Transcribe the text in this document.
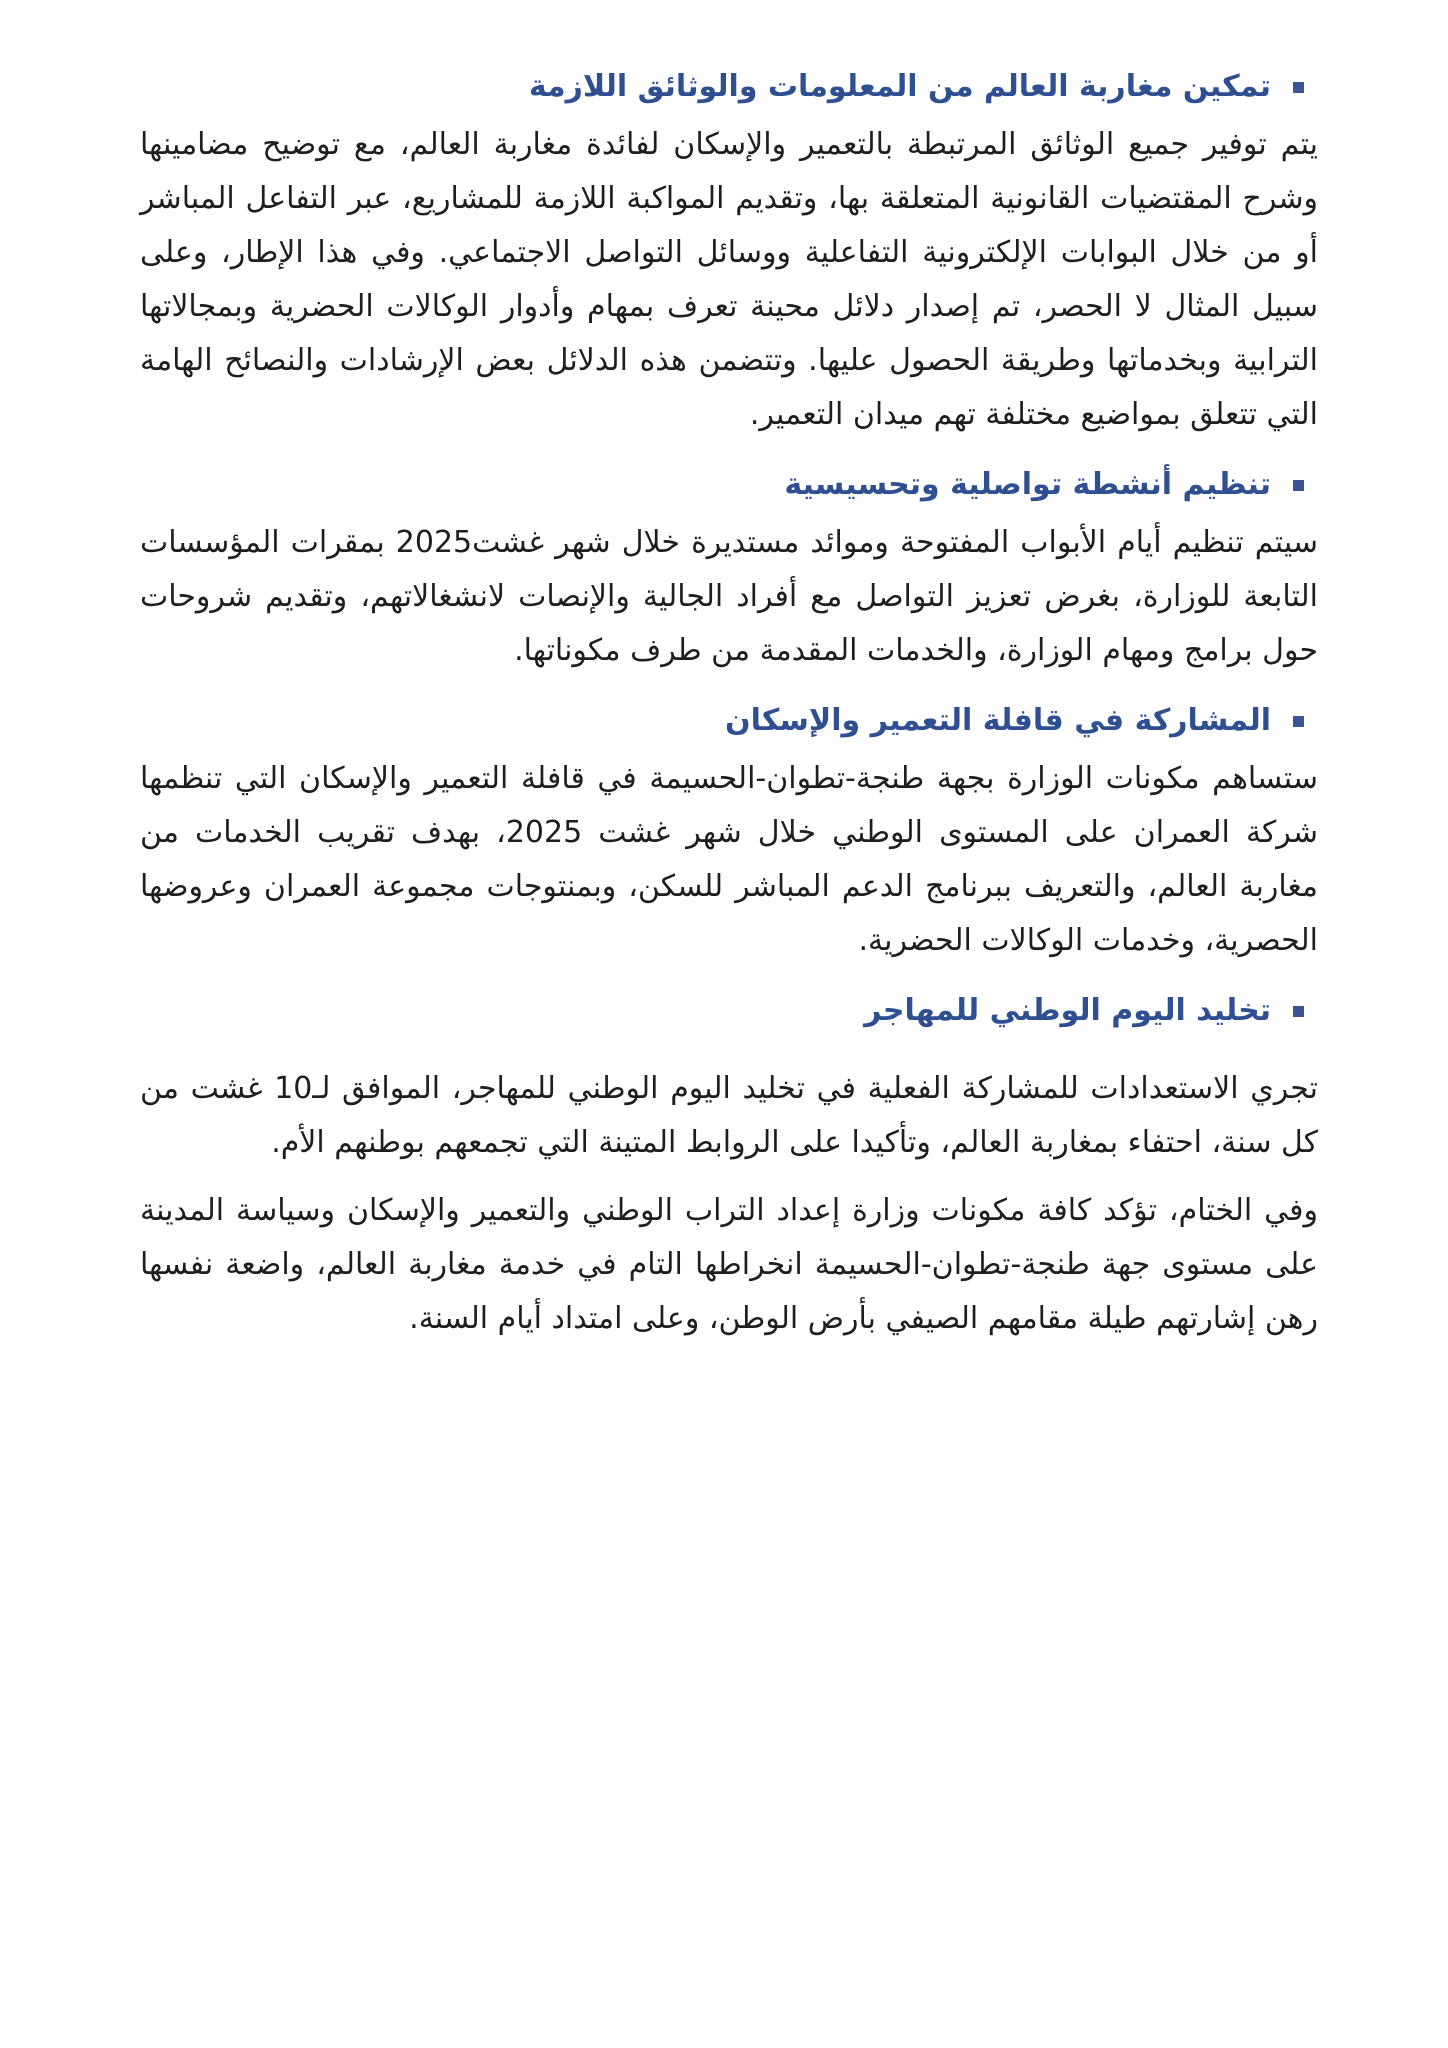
تمكين مغاربة العالم من المعلومات والوثائق اللازمة

يتم توفير جميع الوثائق المرتبطة بالتعمير والإسكان لفائدة مغاربة العالم، مع توضيح مضامينها وشرح المقتضيات القانونية المتعلقة بها، وتقديم المواكبة اللازمة للمشاريع، عبر التفاعل المباشر أو من خلال البوابات الإلكترونية التفاعلية ووسائل التواصل الاجتماعي. وفي هذا الإطار، وعلى سبيل المثال لا الحصر، تم إصدار دلائل محينة تعرف بمهام وأدوار الوكالات الحضرية وبمجالاتها الترابية وبخدماتها وطريقة الحصول عليها. وتتضمن هذه الدلائل بعض الإرشادات والنصائح الهامة التي تتعلق بمواضيع مختلفة تهم ميدان التعمير.

تنظيم أنشطة تواصلية وتحسيسية

سيتم تنظيم أيام الأبواب المفتوحة وموائد مستديرة خلال شهر غشت2025 بمقرات المؤسسات التابعة للوزارة، بغرض تعزيز التواصل مع أفراد الجالية والإنصات لانشغالاتهم، وتقديم شروحات حول برامج ومهام الوزارة، والخدمات المقدمة من طرف مكوناتها.

المشاركة في قافلة التعمير والإسكان

ستساهم مكونات الوزارة بجهة طنجة-تطوان-الحسيمة في قافلة التعمير والإسكان التي تنظمها شركة العمران على المستوى الوطني خلال شهر غشت 2025، بهدف تقريب الخدمات من مغاربة العالم، والتعريف ببرنامج الدعم المباشر للسكن، وبمنتوجات مجموعة العمران وعروضها الحصرية، وخدمات الوكالات الحضرية.

تخليد اليوم الوطني للمهاجر

تجري الاستعدادات للمشاركة الفعلية في تخليد اليوم الوطني للمهاجر، الموافق لـ10 غشت من كل سنة، احتفاء بمغاربة العالم، وتأكيدا على الروابط المتينة التي تجمعهم بوطنهم الأم.

وفي الختام، تؤكد كافة مكونات وزارة إعداد التراب الوطني والتعمير والإسكان وسياسة المدينة على مستوى جهة طنجة-تطوان-الحسيمة انخراطها التام في خدمة مغاربة العالم، واضعة نفسها رهن إشارتهم طيلة مقامهم الصيفي بأرض الوطن، وعلى امتداد أيام السنة.
